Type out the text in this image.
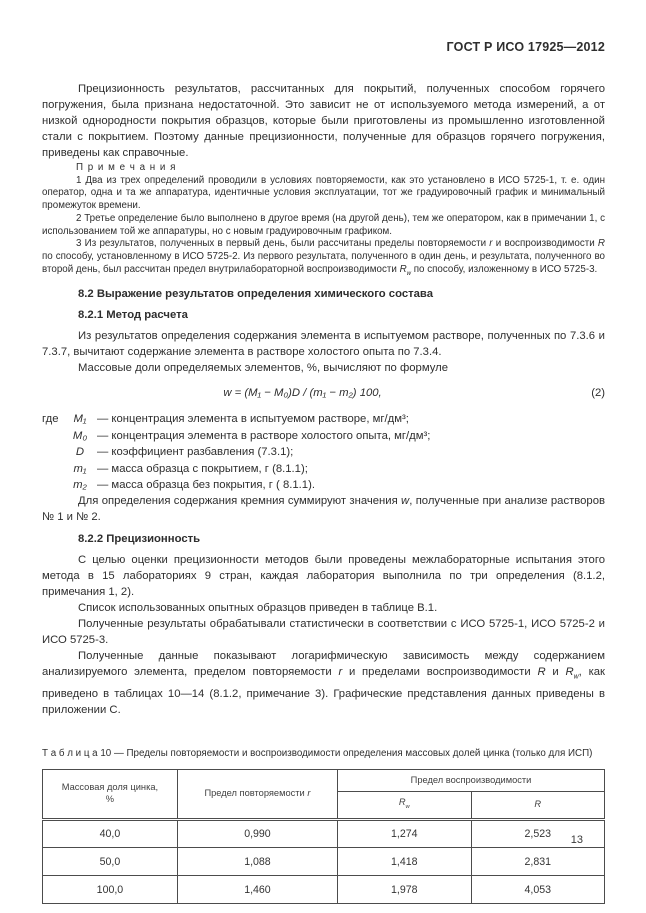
ГОСТ Р ИСО 17925—2012
Прецизионность результатов, рассчитанных для покрытий, полученных способом горячего погружения, была признана недостаточной. Это зависит не от используемого метода измерений, а от низкой однородности покрытия образцов, которые были приготовлены из промышленно изготовленной стали с покрытием. Поэтому данные прецизионности, полученные для образцов горячего погружения, приведены как справочные.
П р и м е ч а н и я
1 Два из трех определений проводили в условиях повторяемости, как это установлено в ИСО 5725-1, т. е. один оператор, одна и та же аппаратура, идентичные условия эксплуатации, тот же градуировочный график и минимальный промежуток времени.
2 Третье определение было выполнено в другое время (на другой день), тем же оператором, как в примечании 1, с использованием той же аппаратуры, но с новым градуировочным графиком.
3 Из результатов, полученных в первый день, были рассчитаны пределы повторяемости r и воспроизводимости R по способу, установленному в ИСО 5725-2. Из первого результата, полученного в один день, и результата, полученного во второй день, был рассчитан предел внутрилабораторной воспроизводимости $R_w$ по способу, изложенному в ИСО 5725-3.
8.2 Выражение результатов определения химического состава
8.2.1 Метод расчета
Из результатов определения содержания элемента в испытуемом растворе, полученных по 7.3.6 и 7.3.7, вычитают содержание элемента в растворе холостого опыта по 7.3.4.
Массовые доли определяемых элементов, %, вычисляют по формуле
w = (M₁ − M₀)D / (m₁ − m₂) 100,	(2)
где	M₁ — концентрация элемента в испытуемом растворе, мг/дм³;
M₀ — концентрация элемента в растворе холостого опыта, мг/дм³;
D	— коэффициент разбавления (7.3.1);
m₁ — масса образца с покрытием, г (8.1.1);
m₂ — масса образца без покрытия, г ( 8.1.1).
Для определения содержания кремния суммируют значения w, полученные при анализе растворов № 1 и № 2.
8.2.2 Прецизионность
С целью оценки прецизионности методов были проведены межлабораторные испытания этого метода в 15 лабораториях 9 стран, каждая лаборатория выполнила по три определения (8.1.2, примечания 1, 2).
Список использованных опытных образцов приведен в таблице В.1.
Полученные результаты обрабатывали статистически в соответствии с ИСО 5725-1, ИСО 5725-2 и ИСО 5725-3.
Полученные данные показывают логарифмическую зависимость между содержанием анализируемого элемента, пределом повторяемости r и пределами воспроизводимости R и $R_w$, как приведено в таблицах 10—14 (8.1.2, примечание 3). Графические представления данных приведены в приложении С.
Т а б л и ц а 10 — Пределы повторяемости и воспроизводимости определения массовых долей цинка (только для ИСП)
Массовая доля цинка,
%	Предел повторяемости r	Предел воспроизводимости	
		$R_w$	R
40,0	0,990	1,274	2,523
50,0	1,088	1,418	2,831
100,0	1,460	1,978	4,053
13
